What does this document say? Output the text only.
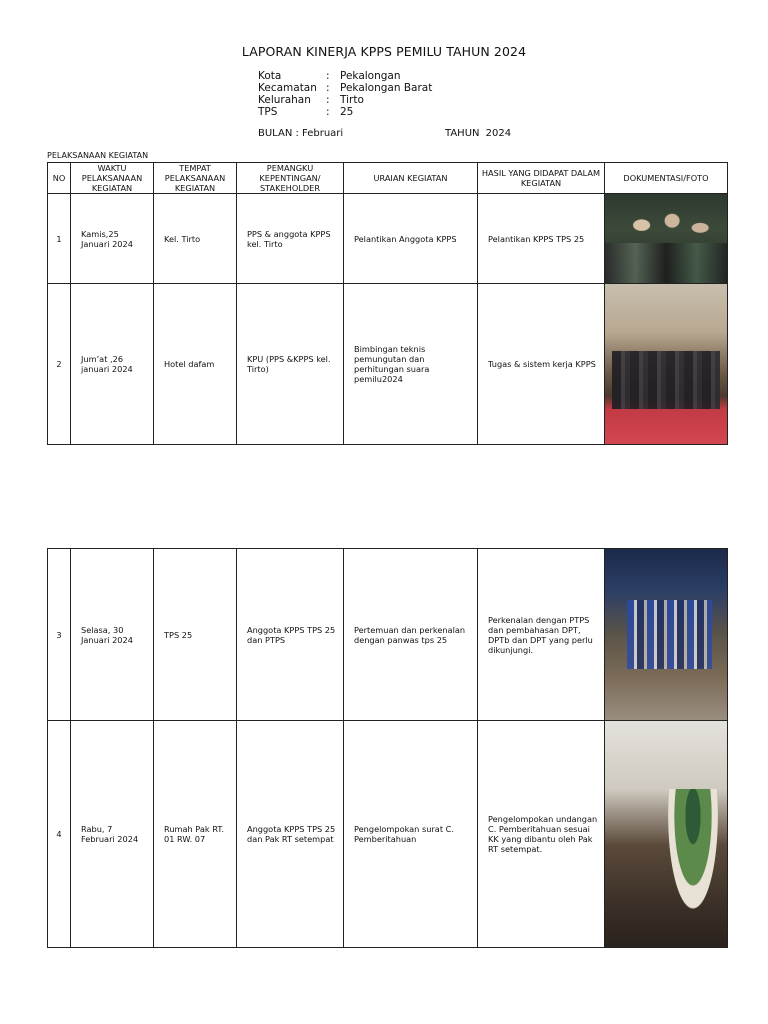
LAPORAN KINERJA KPPS PEMILU TAHUN 2024
Kota	: Pekalongan
Kecamatan : Pekalongan Barat
Kelurahan	: Tirto
TPS	: 25
BULAN : Februari	TAHUN 2024
PELAKSANAAN KEGIATAN
NO	WAKTU PELAKSANAAN KEGIATAN	TEMPAT PELAKSANAAN KEGIATAN	PEMANGKU KEPENTINGAN/ STAKEHOLDER	URAIAN KEGIATAN	HASIL YANG DIDAPAT DALAM KEGIATAN	DOKUMENTASI/FOTO
1	Kamis,25 Januari 2024	Kel. Tirto	PPS & anggota KPPS kel. Tirto	Pelantikan Anggota KPPS	Pelantikan KPPS TPS 25	

2	Jum’at ,26 januari 2024	Hotel dafam	KPU (PPS &KPPS kel. Tirto)	Bimbingan teknis pemungutan dan perhitungan suara pemilu2024	Tugas & sistem kerja KPPS	

3	Selasa, 30 Januari 2024	TPS 25	Anggota KPPS TPS 25 dan PTPS	Pertemuan dan perkenalan dengan panwas tps 25	Perkenalan dengan PTPS dan pembahasan DPT, DPTb dan DPT yang perlu dikunjungi.	

4	Rabu, 7 Februari 2024	Rumah Pak RT. 01 RW. 07	Anggota KPPS TPS 25 dan Pak RT setempat	Pengelompokan surat C. Pemberitahuan	Pengelompokan undangan C. Pemberitahuan sesuai KK yang dibantu oleh Pak RT setempat.	
